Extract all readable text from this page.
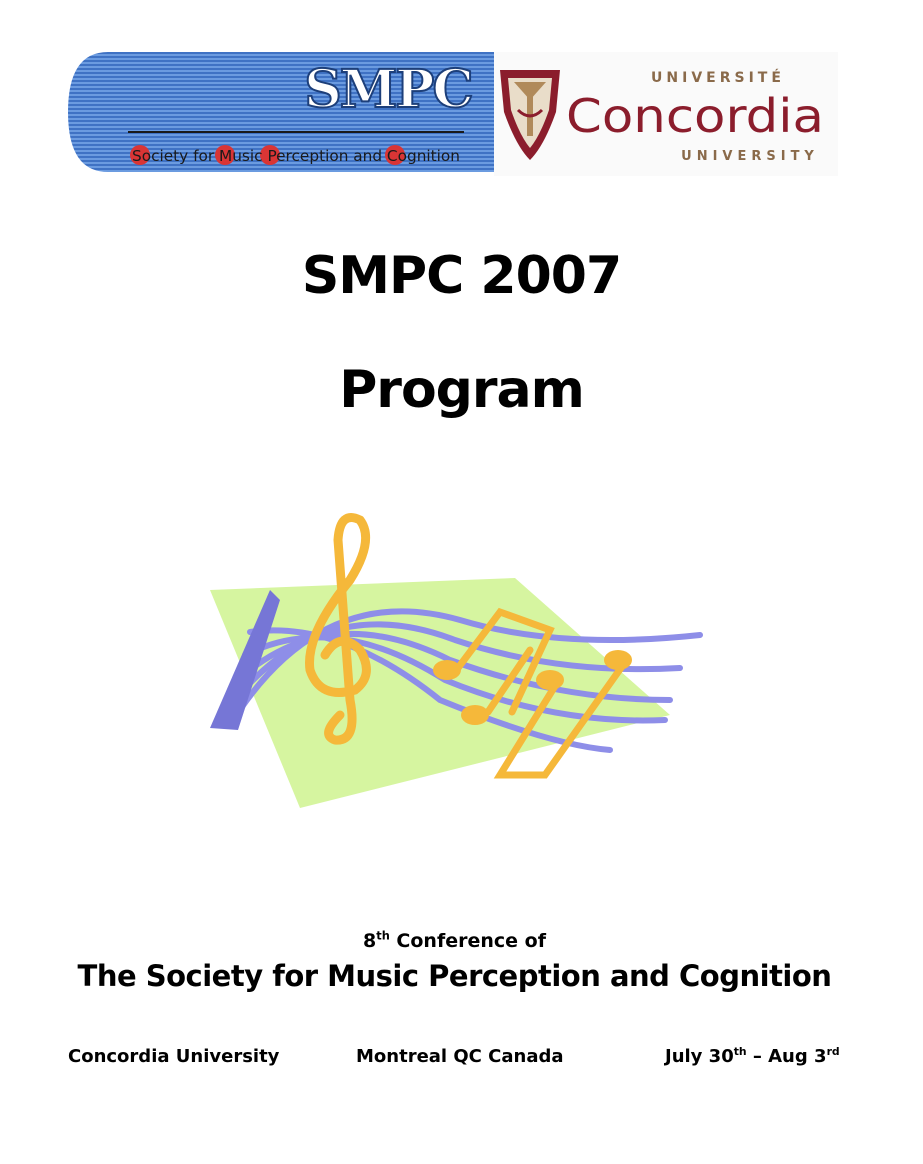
SMPC
Society for Music Perception and Cognition
UNIVERSITÉ
Concordia
UNIVERSITY
SMPC 2007
Program
8th Conference of
The Society for Music Perception and Cognition
Concordia University	Montreal QC Canada	July 30th – Aug 3rd
